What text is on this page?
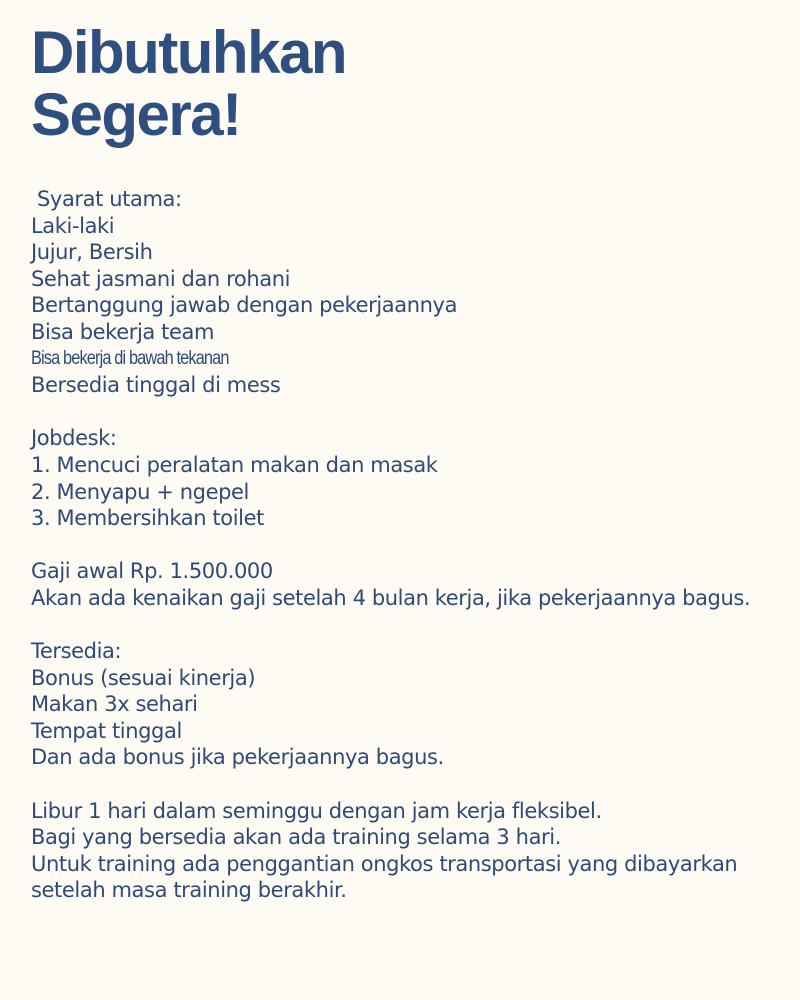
Dibutuhkan
Segera!
Syarat utama:
Laki-laki
Jujur, Bersih
Sehat jasmani dan rohani
Bertanggung jawab dengan pekerjaannya
Bisa bekerja team
Bisa bekerja di bawah tekanan
Bersedia tinggal di mess
Jobdesk:
1. Mencuci peralatan makan dan masak
2. Menyapu + ngepel
3. Membersihkan toilet
Gaji awal Rp. 1.500.000
Akan ada kenaikan gaji setelah 4 bulan kerja, jika pekerjaannya bagus.
Tersedia:
Bonus (sesuai kinerja)
Makan 3x sehari
Tempat tinggal
Dan ada bonus jika pekerjaannya bagus.
Libur 1 hari dalam seminggu dengan jam kerja fleksibel.
Bagi yang bersedia akan ada training selama 3 hari.
Untuk training ada penggantian ongkos transportasi yang dibayarkan setelah masa training berakhir.
